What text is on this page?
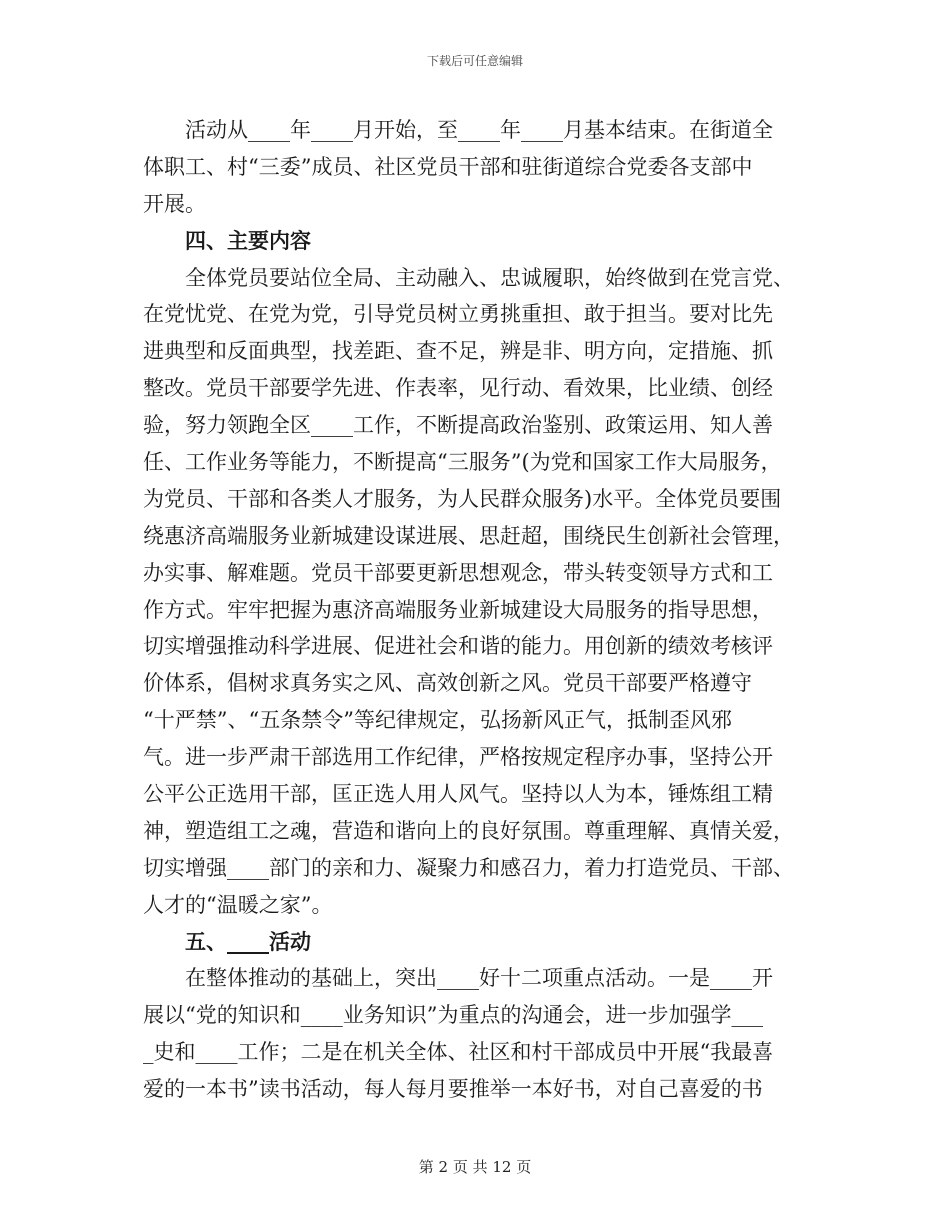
下载后可任意编辑
　　活动从____年____月开始，至____年____月基本结束。在街道全
体职工、村“三委”成员、社区党员干部和驻街道综合党委各支部中
开展。
　　四、主要内容
　　全体党员要站位全局、主动融入、忠诚履职，始终做到在党言党、
在党忧党、在党为党，引导党员树立勇挑重担、敢于担当。要对比先
进典型和反面典型，找差距、查不足，辨是非、明方向，定措施、抓
整改。党员干部要学先进、作表率，见行动、看效果，比业绩、创经
验，努力领跑全区____工作，不断提高政治鉴别、政策运用、知人善
任、工作业务等能力，不断提高“三服务”(为党和国家工作大局服务，
为党员、干部和各类人才服务，为人民群众服务)水平。全体党员要围
绕惠济高端服务业新城建设谋进展、思赶超，围绕民生创新社会管理，
办实事、解难题。党员干部要更新思想观念，带头转变领导方式和工
作方式。牢牢把握为惠济高端服务业新城建设大局服务的指导思想，
切实增强推动科学进展、促进社会和谐的能力。用创新的绩效考核评
价体系，倡树求真务实之风、高效创新之风。党员干部要严格遵守
“十严禁”、“五条禁令”等纪律规定，弘扬新风正气，抵制歪风邪
气。进一步严肃干部选用工作纪律，严格按规定程序办事，坚持公开
公平公正选用干部，匡正选人用人风气。坚持以人为本，锤炼组工精
神，塑造组工之魂，营造和谐向上的良好氛围。尊重理解、真情关爱，
切实增强____部门的亲和力、凝聚力和感召力，着力打造党员、干部、
人才的“温暖之家”。
　　五、____活动
　　在整体推动的基础上，突出____好十二项重点活动。一是____开
展以“党的知识和____业务知识”为重点的沟通会，进一步加强学___
_史和____工作；二是在机关全体、社区和村干部成员中开展“我最喜
爱的一本书”读书活动，每人每月要推举一本好书，对自己喜爱的书
第 2 页 共 12 页
